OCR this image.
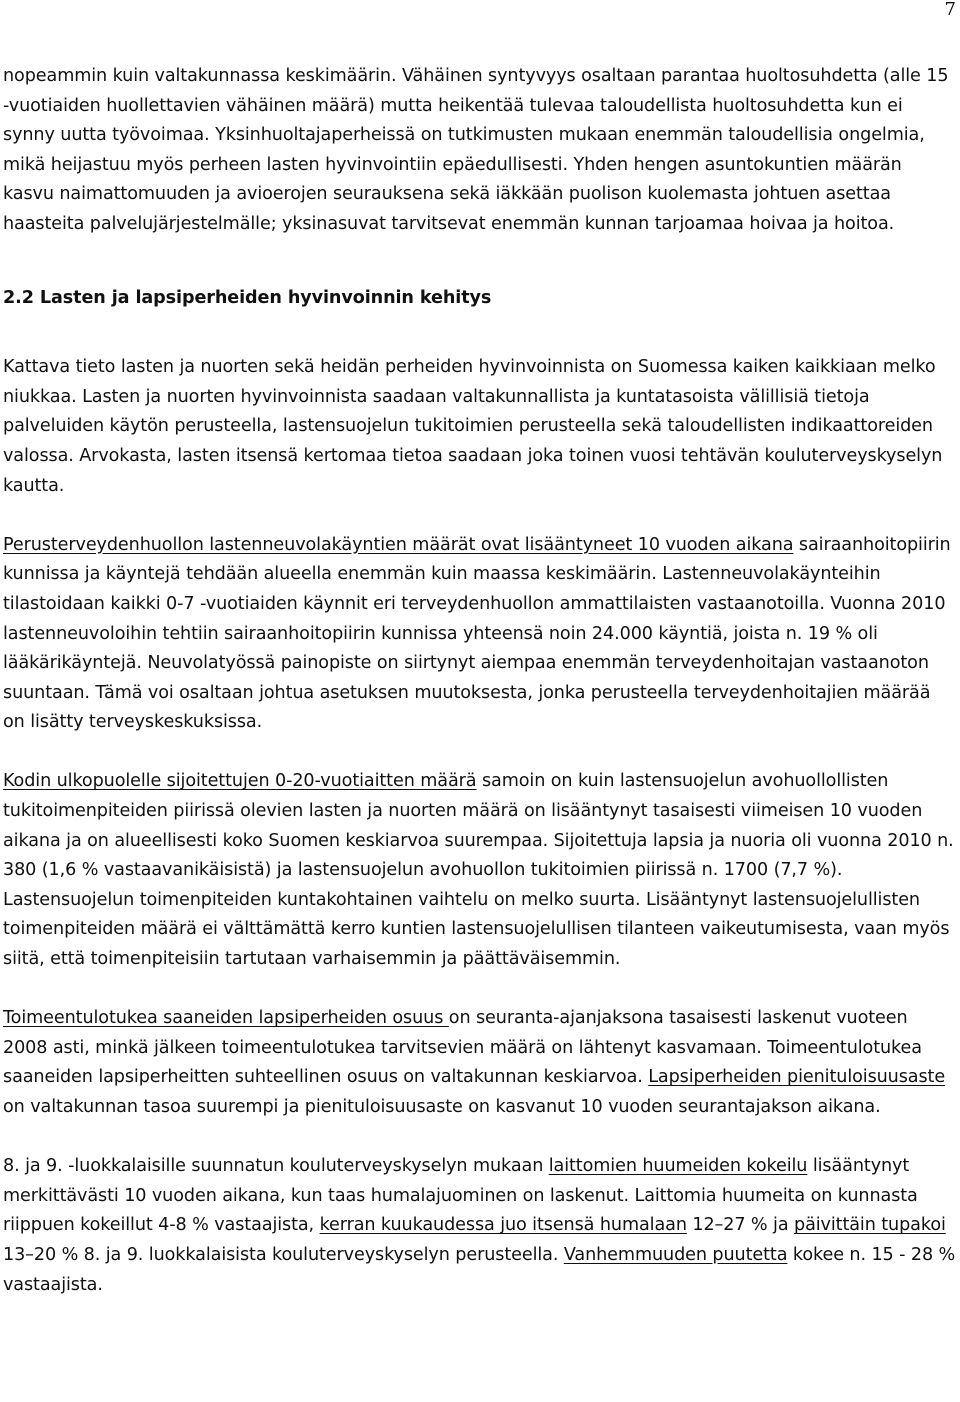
7

nopeammin kuin valtakunnassa keskimäärin. Vähäinen syntyvyys osaltaan parantaa huoltosuhdetta (alle 15 -vuotiaiden huollettavien vähäinen määrä) mutta heikentää tulevaa taloudellista huoltosuhdetta kun ei synny uutta työvoimaa. Yksinhuoltajaperheissä on tutkimusten mukaan enemmän taloudellisia ongelmia, mikä heijastuu myös perheen lasten hyvinvointiin epäedullisesti. Yhden hengen asuntokuntien määrän kasvu naimattomuuden ja avioerojen seurauksena sekä iäkkään puolison kuolemasta johtuen asettaa haasteita palvelujärjestelmälle; yksinasuvat tarvitsevat enemmän kunnan tarjoamaa hoivaa ja hoitoa.

2.2 Lasten ja lapsiperheiden hyvinvoinnin kehitys

Kattava tieto lasten ja nuorten sekä heidän perheiden hyvinvoinnista on Suomessa kaiken kaikkiaan melko niukkaa. Lasten ja nuorten hyvinvoinnista saadaan valtakunnallista ja kuntatasoista välillisiä tietoja palveluiden käytön perusteella, lastensuojelun tukitoimien perusteella sekä taloudellisten indikaattoreiden valossa. Arvokasta, lasten itsensä kertomaa tietoa saadaan joka toinen vuosi tehtävän kouluterveyskyselyn kautta.

Perusterveydenhuollon lastenneuvolakäyntien määrät ovat lisääntyneet 10 vuoden aikana sairaanhoitopiirin kunnissa ja käyntejä tehdään alueella enemmän kuin maassa keskimäärin. Lastenneuvolakäynteihin tilastoidaan kaikki 0-7 -vuotiaiden käynnit eri terveydenhuollon ammattilaisten vastaanotoilla. Vuonna 2010 lastenneuvoloihin tehtiin sairaanhoitopiirin kunnissa yhteensä noin 24.000 käyntiä, joista n. 19 % oli lääkärikäyntejä. Neuvolatyössä painopiste on siirtynyt aiempaa enemmän terveydenhoitajan vastaanoton suuntaan. Tämä voi osaltaan johtua asetuksen muutoksesta, jonka perusteella terveydenhoitajien määrää on lisätty terveyskeskuksissa.

Kodin ulkopuolelle sijoitettujen 0-20-vuotiaitten määrä samoin on kuin lastensuojelun avohuollollisten tukitoimenpiteiden piirissä olevien lasten ja nuorten määrä on lisääntynyt tasaisesti viimeisen 10 vuoden aikana ja on alueellisesti koko Suomen keskiarvoa suurempaa. Sijoitettuja lapsia ja nuoria oli vuonna 2010 n. 380 (1,6 % vastaavanikäisistä) ja lastensuojelun avohuollon tukitoimien piirissä n. 1700 (7,7 %). Lastensuojelun toimenpiteiden kuntakohtainen vaihtelu on melko suurta. Lisääntynyt lastensuojelullisten toimenpiteiden määrä ei välttämättä kerro kuntien lastensuojelullisen tilanteen vaikeutumisesta, vaan myös siitä, että toimenpiteisiin tartutaan varhaisemmin ja päättäväisemmin.

Toimeentulotukea saaneiden lapsiperheiden osuus on seuranta-ajanjaksona tasaisesti laskenut vuoteen 2008 asti, minkä jälkeen toimeentulotukea tarvitsevien määrä on lähtenyt kasvamaan. Toimeentulotukea saaneiden lapsiperheitten suhteellinen osuus on valtakunnan keskiarvoa. Lapsiperheiden pienituloisuusaste on valtakunnan tasoa suurempi ja pienituloisuusaste on kasvanut 10 vuoden seurantajakson aikana.

8. ja 9. -luokkalaisille suunnatun kouluterveyskyselyn mukaan laittomien huumeiden kokeilu lisääntynyt merkittävästi 10 vuoden aikana, kun taas humalajuominen on laskenut. Laittomia huumeita on kunnasta riippuen kokeillut 4-8 % vastaajista, kerran kuukaudessa juo itsensä humalaan 12–27 % ja päivittäin tupakoi 13–20 % 8. ja 9. luokkalaisista kouluterveyskyselyn perusteella. Vanhemmuuden puutetta kokee n. 15 - 28 % vastaajista.
